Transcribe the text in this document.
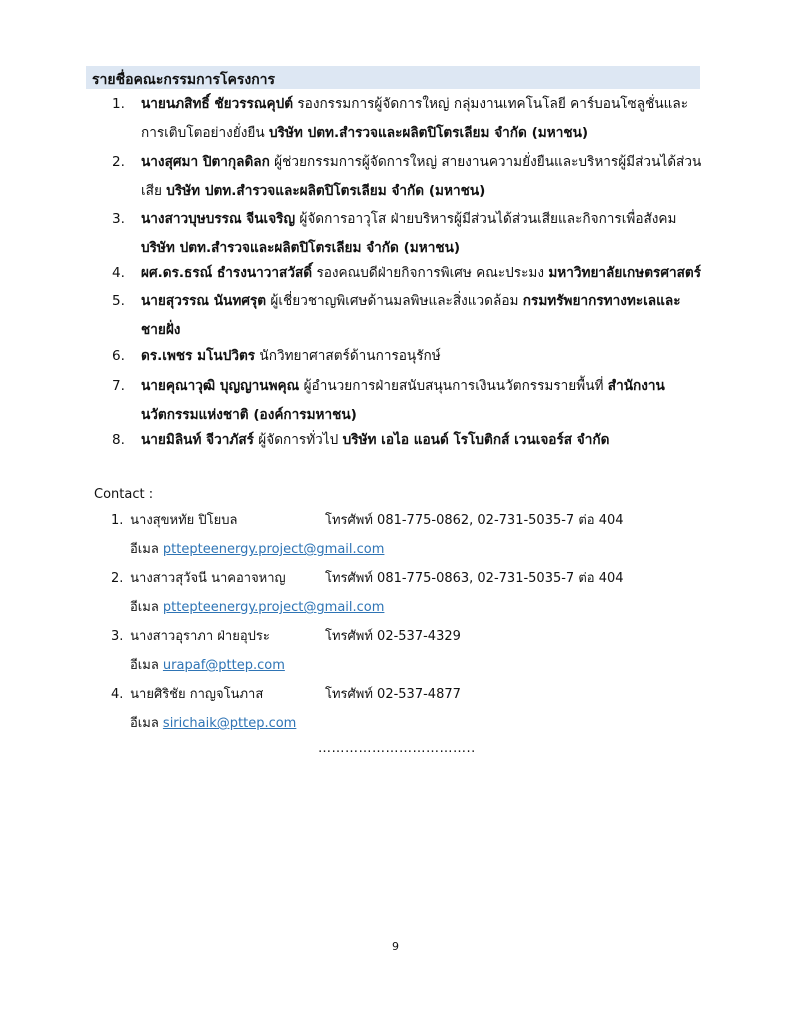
รายชื่อคณะกรรมการโครงการ
1.	นายนภสิทธิ์ ชัยวรรณคุปต์ รองกรรมการผู้จัดการใหญ่ กลุ่มงานเทคโนโลยี คาร์บอนโซลูชั่นและการเติบโตอย่างยั่งยืน บริษัท ปตท.สำรวจและผลิตปิโตรเลียม จำกัด (มหาชน)
2.	นางสุศมา ปิตากุลดิลก ผู้ช่วยกรรมการผู้จัดการใหญ่ สายงานความยั่งยืนและบริหารผู้มีส่วนได้ส่วนเสีย บริษัท ปตท.สำรวจและผลิตปิโตรเลียม จำกัด (มหาชน)
3.	นางสาวบุษบรรณ จีนเจริญ ผู้จัดการอาวุโส ฝ่ายบริหารผู้มีส่วนได้ส่วนเสียและกิจการเพื่อสังคม บริษัท ปตท.สำรวจและผลิตปิโตรเลียม จำกัด (มหาชน)
4.	ผศ.ดร.ธรณ์ ธำรงนาวาสวัสดิ์ รองคณบดีฝ่ายกิจการพิเศษ คณะประมง มหาวิทยาลัยเกษตรศาสตร์
5.	นายสุวรรณ นันทศรุต ผู้เชี่ยวชาญพิเศษด้านมลพิษและสิ่งแวดล้อม กรมทรัพยากรทางทะเลและชายฝั่ง
6.	ดร.เพชร มโนปวิตร นักวิทยาศาสตร์ด้านการอนุรักษ์
7.	นายคุณาวุฒิ บุญญานพคุณ ผู้อำนวยการฝ่ายสนับสนุนการเงินนวัตกรรมรายพื้นที่ สำนักงานนวัตกรรมแห่งชาติ (องค์การมหาชน)
8.	นายมิลินท์ จีวาภัสร์ ผู้จัดการทั่วไป บริษัท เอไอ แอนด์ โรโบติกส์ เวนเจอร์ส จำกัด
Contact :
1. นางสุขหทัย ปิโยบล	โทรศัพท์ 081-775-0862, 02-731-5035-7 ต่อ 404
อีเมล pttepteenergy.project@gmail.com
2. นางสาวสุวัจนี นาคอาจหาญ	โทรศัพท์ 081-775-0863, 02-731-5035-7 ต่อ 404
อีเมล pttepteenergy.project@gmail.com
3. นางสาวอุราภา ฝ่ายอุประ	โทรศัพท์ 02-537-4329
อีเมล urapaf@pttep.com
4. นายศิริชัย กาญจโนภาส	โทรศัพท์ 02-537-4877
อีเมล sirichaik@pttep.com
……………………………..
9
